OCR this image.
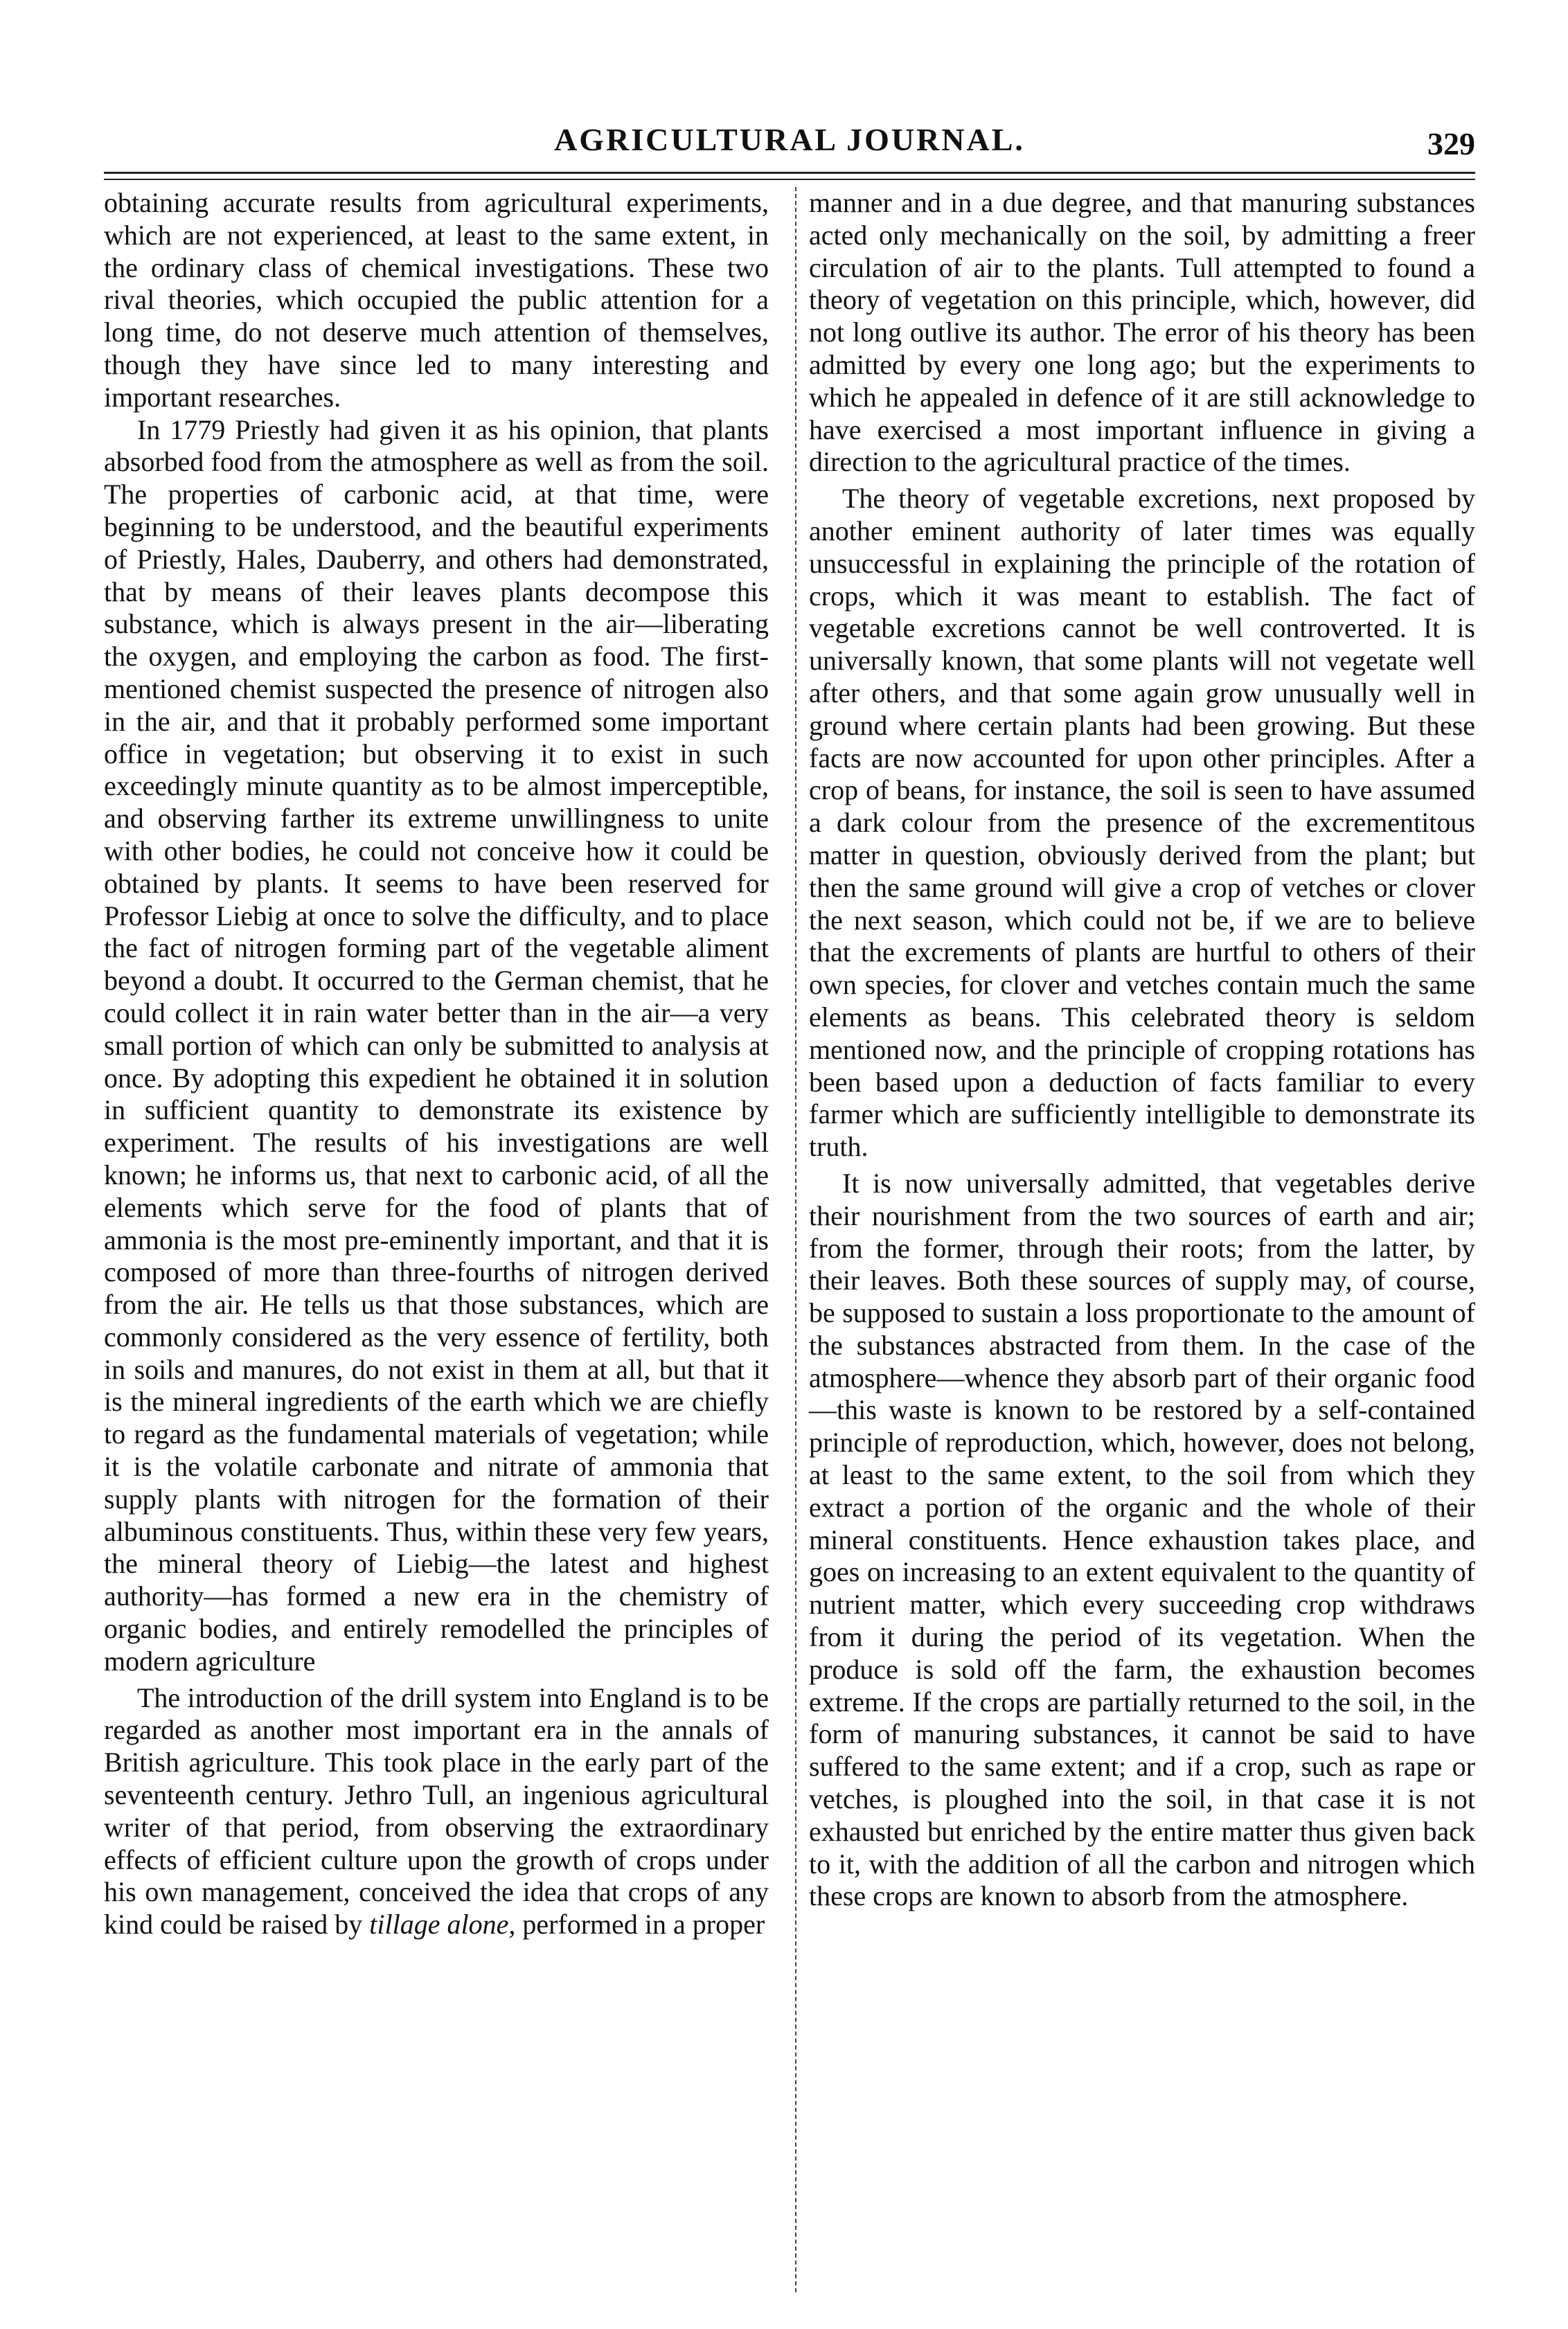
AGRICULTURAL JOURNAL.	329

obtaining accurate results from agricultural experiments, which are not experienced, at least to the same extent, in the ordinary class of chemical investigations. These two rival theories, which occupied the public attention for a long time, do not deserve much attention of themselves, though they have since led to many interesting and important researches.

In 1779 Priestly had given it as his opinion, that plants absorbed food from the atmosphere as well as from the soil. The properties of carbonic acid, at that time, were beginning to be understood, and the beautiful experiments of Priestly, Hales, Dauberry, and others had demonstrated, that by means of their leaves plants decompose this substance, which is always present in the air—liberating the oxygen, and employing the carbon as food. The first-mentioned chemist suspected the presence of nitrogen also in the air, and that it probably performed some important office in vegetation; but observing it to exist in such exceedingly minute quantity as to be almost imperceptible, and observing farther its extreme unwillingness to unite with other bodies, he could not conceive how it could be obtained by plants. It seems to have been reserved for Professor Liebig at once to solve the difficulty, and to place the fact of nitrogen forming part of the vegetable aliment beyond a doubt. It occurred to the German chemist, that he could collect it in rain water better than in the air—a very small portion of which can only be submitted to analysis at once. By adopting this expedient he obtained it in solution in sufficient quantity to demonstrate its existence by experiment. The results of his investigations are well known; he informs us, that next to carbonic acid, of all the elements which serve for the food of plants that of ammonia is the most pre-eminently important, and that it is composed of more than three-fourths of nitrogen derived from the air. He tells us that those substances, which are commonly considered as the very essence of fertility, both in soils and manures, do not exist in them at all, but that it is the mineral ingredients of the earth which we are chiefly to regard as the fundamental materials of vegetation; while it is the volatile carbonate and nitrate of ammonia that supply plants with nitrogen for the formation of their albuminous constituents. Thus, within these very few years, the mineral theory of Liebig—the latest and highest authority—has formed a new era in the chemistry of organic bodies, and entirely remodelled the principles of modern agriculture

The introduction of the drill system into England is to be regarded as another most important era in the annals of British agriculture. This took place in the early part of the seventeenth century. Jethro Tull, an ingenious agricultural writer of that period, from observing the extraordinary effects of efficient culture upon the growth of crops under his own management, conceived the idea that crops of any kind could be raised by tillage alone, performed in a proper

manner and in a due degree, and that manuring substances acted only mechanically on the soil, by admitting a freer circulation of air to the plants. Tull attempted to found a theory of vegetation on this principle, which, however, did not long outlive its author. The error of his theory has been admitted by every one long ago; but the experiments to which he appealed in defence of it are still acknowledge to have exercised a most important influence in giving a direction to the agricultural practice of the times.

The theory of vegetable excretions, next proposed by another eminent authority of later times was equally unsuccessful in explaining the principle of the rotation of crops, which it was meant to establish. The fact of vegetable excretions cannot be well controverted. It is universally known, that some plants will not vegetate well after others, and that some again grow unusually well in ground where certain plants had been growing. But these facts are now accounted for upon other principles. After a crop of beans, for instance, the soil is seen to have assumed a dark colour from the presence of the excrementitous matter in question, obviously derived from the plant; but then the same ground will give a crop of vetches or clover the next season, which could not be, if we are to believe that the excrements of plants are hurtful to others of their own species, for clover and vetches contain much the same elements as beans. This celebrated theory is seldom mentioned now, and the principle of cropping rotations has been based upon a deduction of facts familiar to every farmer which are sufficiently intelligible to demonstrate its truth.

It is now universally admitted, that vegetables derive their nourishment from the two sources of earth and air; from the former, through their roots; from the latter, by their leaves. Both these sources of supply may, of course, be supposed to sustain a loss proportionate to the amount of the substances abstracted from them. In the case of the atmosphere—whence they absorb part of their organic food—this waste is known to be restored by a self-contained principle of reproduction, which, however, does not belong, at least to the same extent, to the soil from which they extract a portion of the organic and the whole of their mineral constituents. Hence exhaustion takes place, and goes on increasing to an extent equivalent to the quantity of nutrient matter, which every succeeding crop withdraws from it during the period of its vegetation. When the produce is sold off the farm, the exhaustion becomes extreme. If the crops are partially returned to the soil, in the form of manuring substances, it cannot be said to have suffered to the same extent; and if a crop, such as rape or vetches, is ploughed into the soil, in that case it is not exhausted but enriched by the entire matter thus given back to it, with the addition of all the carbon and nitrogen which these crops are known to absorb from the atmosphere.
